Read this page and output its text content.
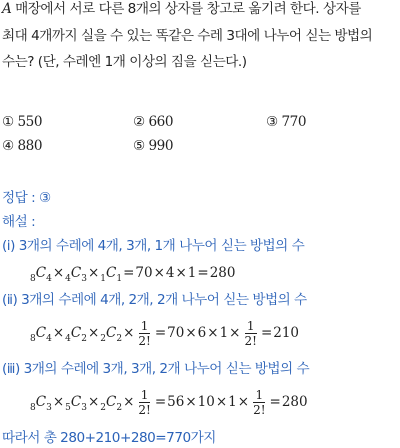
A 매장에서 서로 다른 8개의 상자를 창고로 옮기려 한다. 상자를
최대 4개까지 실을 수 있는 똑같은 수레 3대에 나누어 싣는 방법의
수는? (단, 수레엔 1개 이상의 짐을 싣는다.)
① 550	② 660	③ 770
④ 880	⑤ 990
정답 : ③
해설 :
(ⅰ) 3개의 수레에 4개, 3개, 1개 나누어 싣는 방법의 수
8 C 4 × 4 C 3 × 1 C 1 = 70 × 4 × 1 = 280
(ⅱ) 3개의 수레에 4개, 2개, 2개 나누어 싣는 방법의 수
8 C 4 × 4 C 2 × 2 C $2 \times \frac{1}{2!} = 70 \times 6 \times 1 \times \frac{1}{2!} = 210$
(ⅲ) 3개의 수레에 3개, 3개, 2개 나누어 싣는 방법의 수
8 C 3 × 5 C 3 × 2 C $2 \times \frac{1}{2!} = 56 \times 10 \times 1 \times \frac{1}{2!} = 280$
따라서 총 280+210+280=770가지
